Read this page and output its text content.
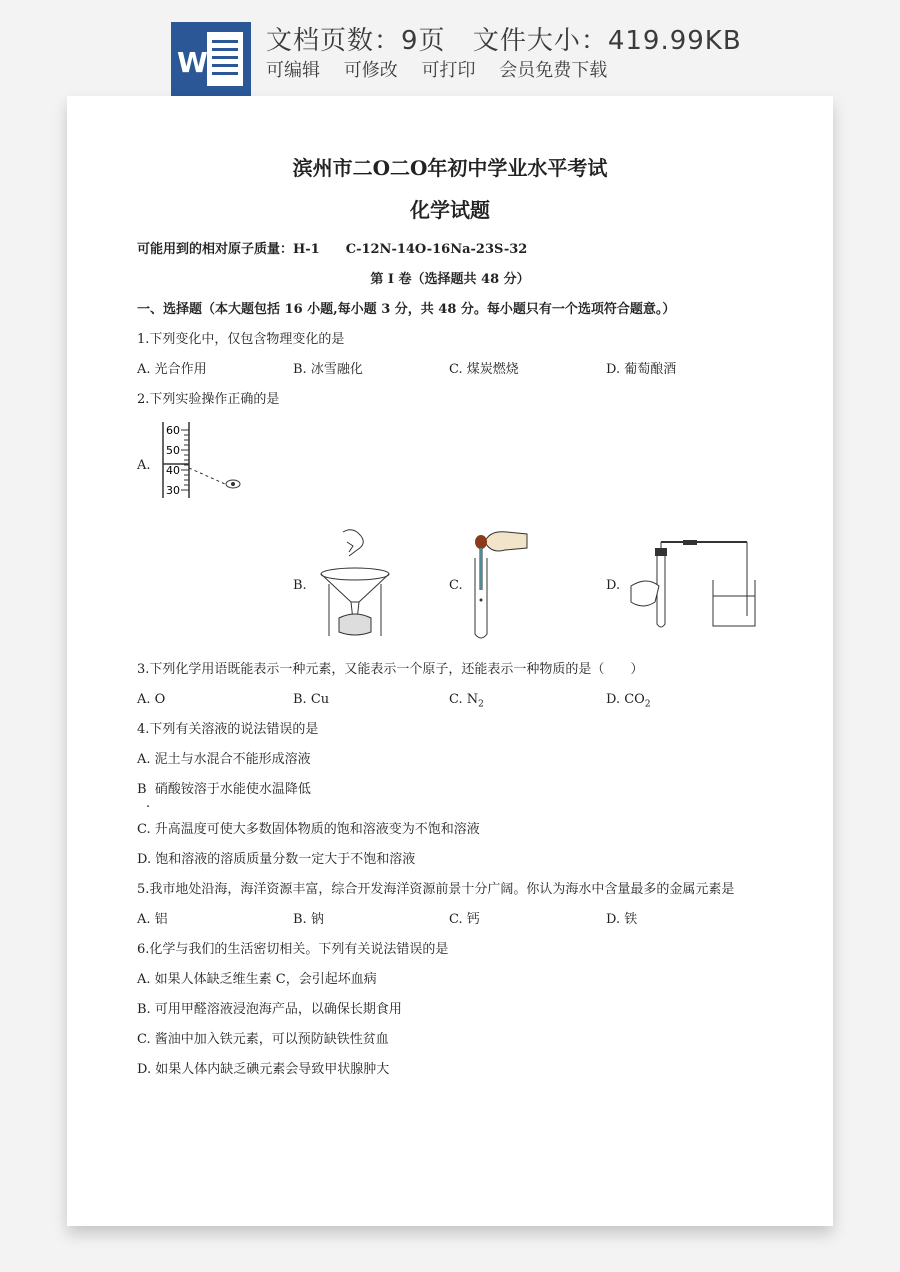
W
文档页数：9页 文件大小：419.99KB
可编辑 可修改 可打印 会员免费下载
滨州市二O二O年初中学业水平考试
化学试题
可能用到的相对原子质量：H-1　　C-12N-14O-16Na-23S-32
第 I 卷（选择题共 48 分）
一、选择题（本大题包括 16 小题,每小题 3 分，共 48 分。每小题只有一个选项符合题意。）
1.下列变化中，仅包含物理变化的是
A. 光合作用	B. 冰雪融化	C. 煤炭燃烧	D. 葡萄酿酒
2.下列实验操作正确的是
A.
60
50
40
30
B.	C.	D.
3.下列化学用语既能表示一种元素，又能表示一个原子，还能表示一种物质的是（　　）
A. O	B. Cu	C. $N_2$	D. $CO_2$
4.下列有关溶液的说法错误的是
A. 泥土与水混合不能形成溶液
B 硝酸铵溶于水能使水温降低
.
C. 升高温度可使大多数固体物质的饱和溶液变为不饱和溶液
D. 饱和溶液的溶质质量分数一定大于不饱和溶液
5.我市地处沿海，海洋资源丰富，综合开发海洋资源前景十分广阔。你认为海水中含量最多的金属元素是
A. 铝	B. 钠	C. 钙	D. 铁
6.化学与我们的生活密切相关。下列有关说法错误的是
A. 如果人体缺乏维生素 C，会引起坏血病
B. 可用甲醛溶液浸泡海产品，以确保长期食用
C. 酱油中加入铁元素，可以预防缺铁性贫血
D. 如果人体内缺乏碘元素会导致甲状腺肿大
